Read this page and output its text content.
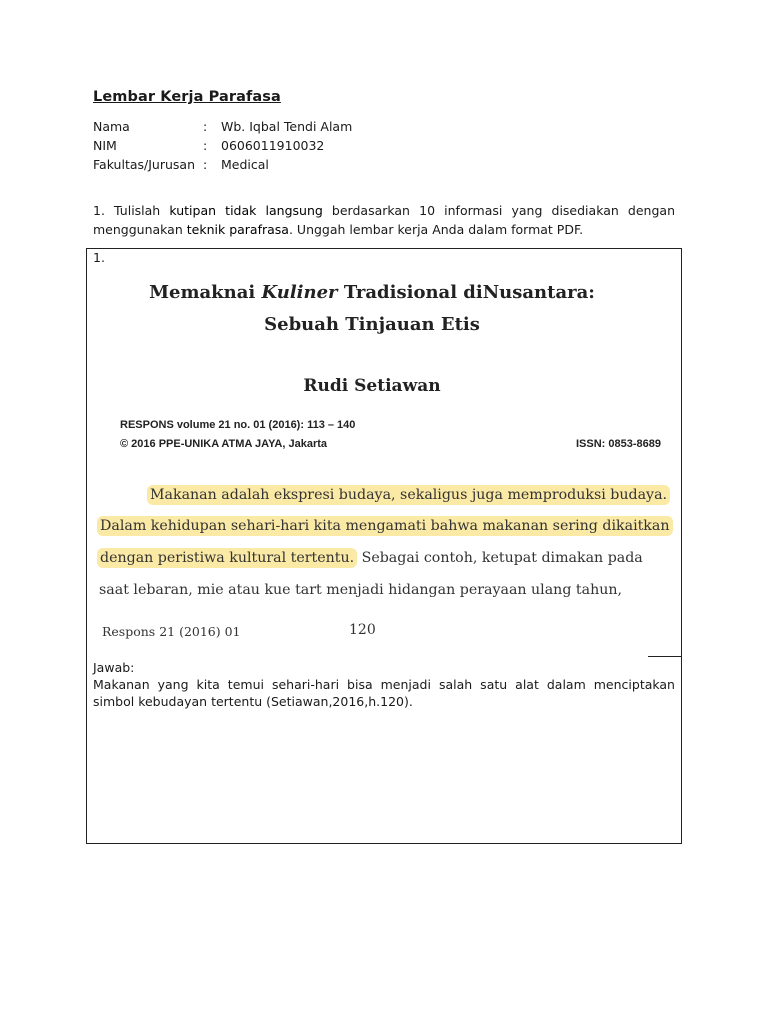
Lembar Kerja Parafasa
Nama	: Wb. Iqbal Tendi Alam
NIM	: 0606011910032
Fakultas/Jurusan : Medical
1. Tulislah kutipan tidak langsung berdasarkan 10 informasi yang disediakan dengan menggunakan teknik parafrasa. Unggah lembar kerja Anda dalam format PDF.
1.
Memaknai Kuliner Tradisional diNusantara:
Sebuah Tinjauan Etis
Rudi Setiawan
RESPONS volume 21 no. 01 (2016): 113 – 140
© 2016 PPE-UNIKA ATMA JAYA, Jakarta	ISSN: 0853-8689
Makanan adalah ekspresi budaya, sekaligus juga memproduksi budaya.
Dalam kehidupan sehari-hari kita mengamati bahwa makanan sering dikaitkan
dengan peristiwa kultural tertentu. Sebagai contoh, ketupat dimakan pada
saat lebaran, mie atau kue tart menjadi hidangan perayaan ulang tahun,
Respons 21 (2016) 01	120
Jawab:
Makanan yang kita temui sehari-hari bisa menjadi salah satu alat dalam menciptakan simbol kebudayan tertentu (Setiawan,2016,h.120).
